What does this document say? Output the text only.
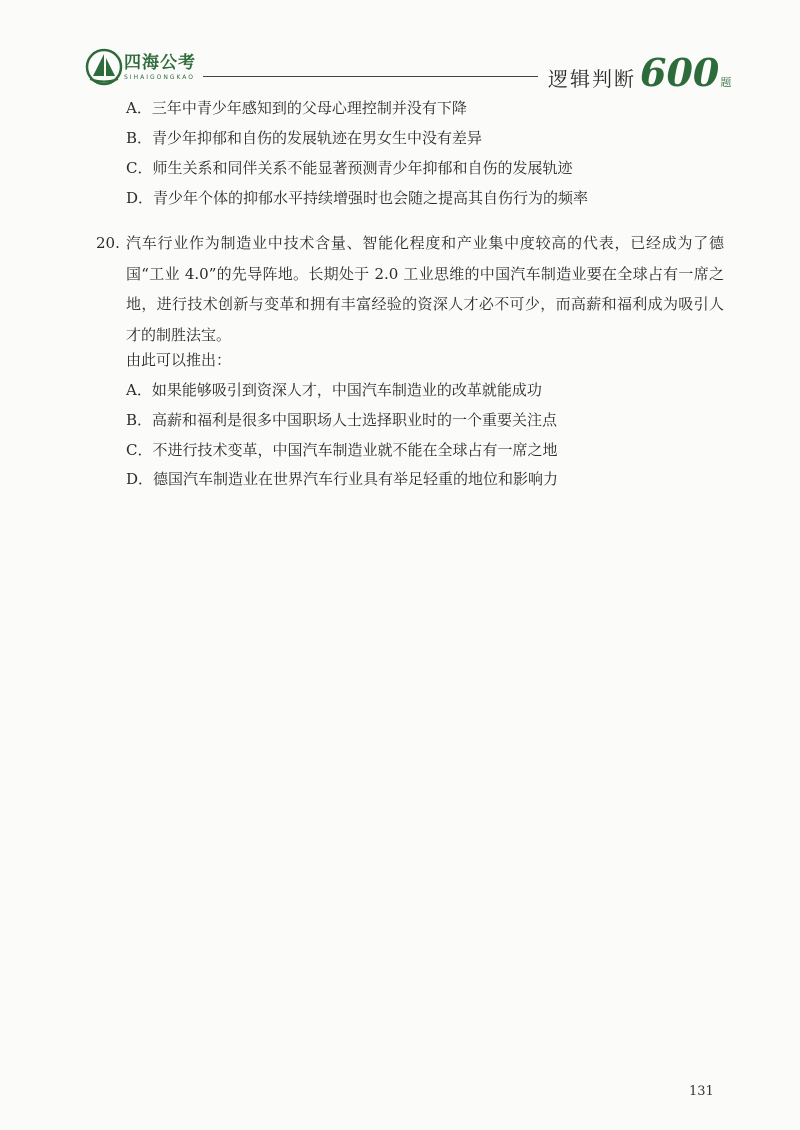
四海公考
SIHAIGONGKAO	逻辑判断 600 题
A．三年中青少年感知到的父母心理控制并没有下降
B．青少年抑郁和自伤的发展轨迹在男女生中没有差异
C．师生关系和同伴关系不能显著预测青少年抑郁和自伤的发展轨迹
D．青少年个体的抑郁水平持续增强时也会随之提高其自伤行为的频率
20. 汽车行业作为制造业中技术含量、智能化程度和产业集中度较高的代表，已经成为了德国“工业 4.0”的先导阵地。长期处于 2.0 工业思维的中国汽车制造业要在全球占有一席之地，进行技术创新与变革和拥有丰富经验的资深人才必不可少，而高薪和福利成为吸引人才的制胜法宝。
由此可以推出：
A．如果能够吸引到资深人才，中国汽车制造业的改革就能成功
B．高薪和福利是很多中国职场人士选择职业时的一个重要关注点
C．不进行技术变革，中国汽车制造业就不能在全球占有一席之地
D．德国汽车制造业在世界汽车行业具有举足轻重的地位和影响力
131
